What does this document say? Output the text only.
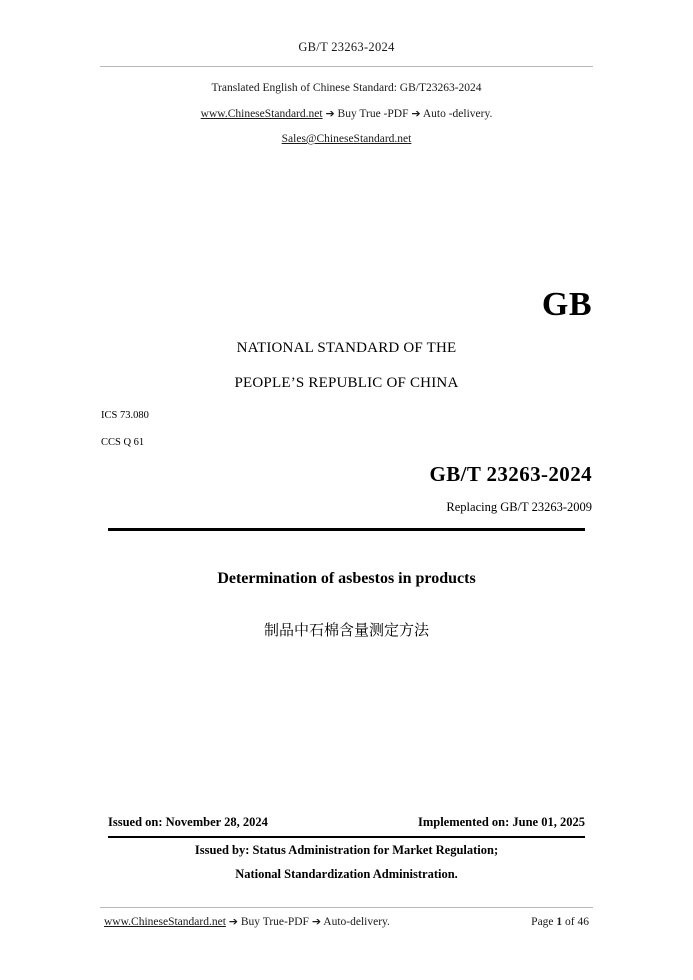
GB/T 23263-2024
Translated English of Chinese Standard: GB/T23263-2024
www.ChineseStandard.net ➔ Buy True -PDF ➔ Auto -delivery.
Sales@ChineseStandard.net
GB
NATIONAL STANDARD OF THE
PEOPLE’S REPUBLIC OF CHINA
ICS 73.080
CCS Q 61
GB/T 23263-2024
Replacing GB/T 23263-2009
Determination of asbestos in products
制品中石棉含量测定方法
Issued on: November 28, 2024	Implemented on: June 01, 2025
Issued by: Status Administration for Market Regulation;
National Standardization Administration.
www.ChineseStandard.net ➔ Buy True-PDF ➔ Auto-delivery.	Page 1 of 46
